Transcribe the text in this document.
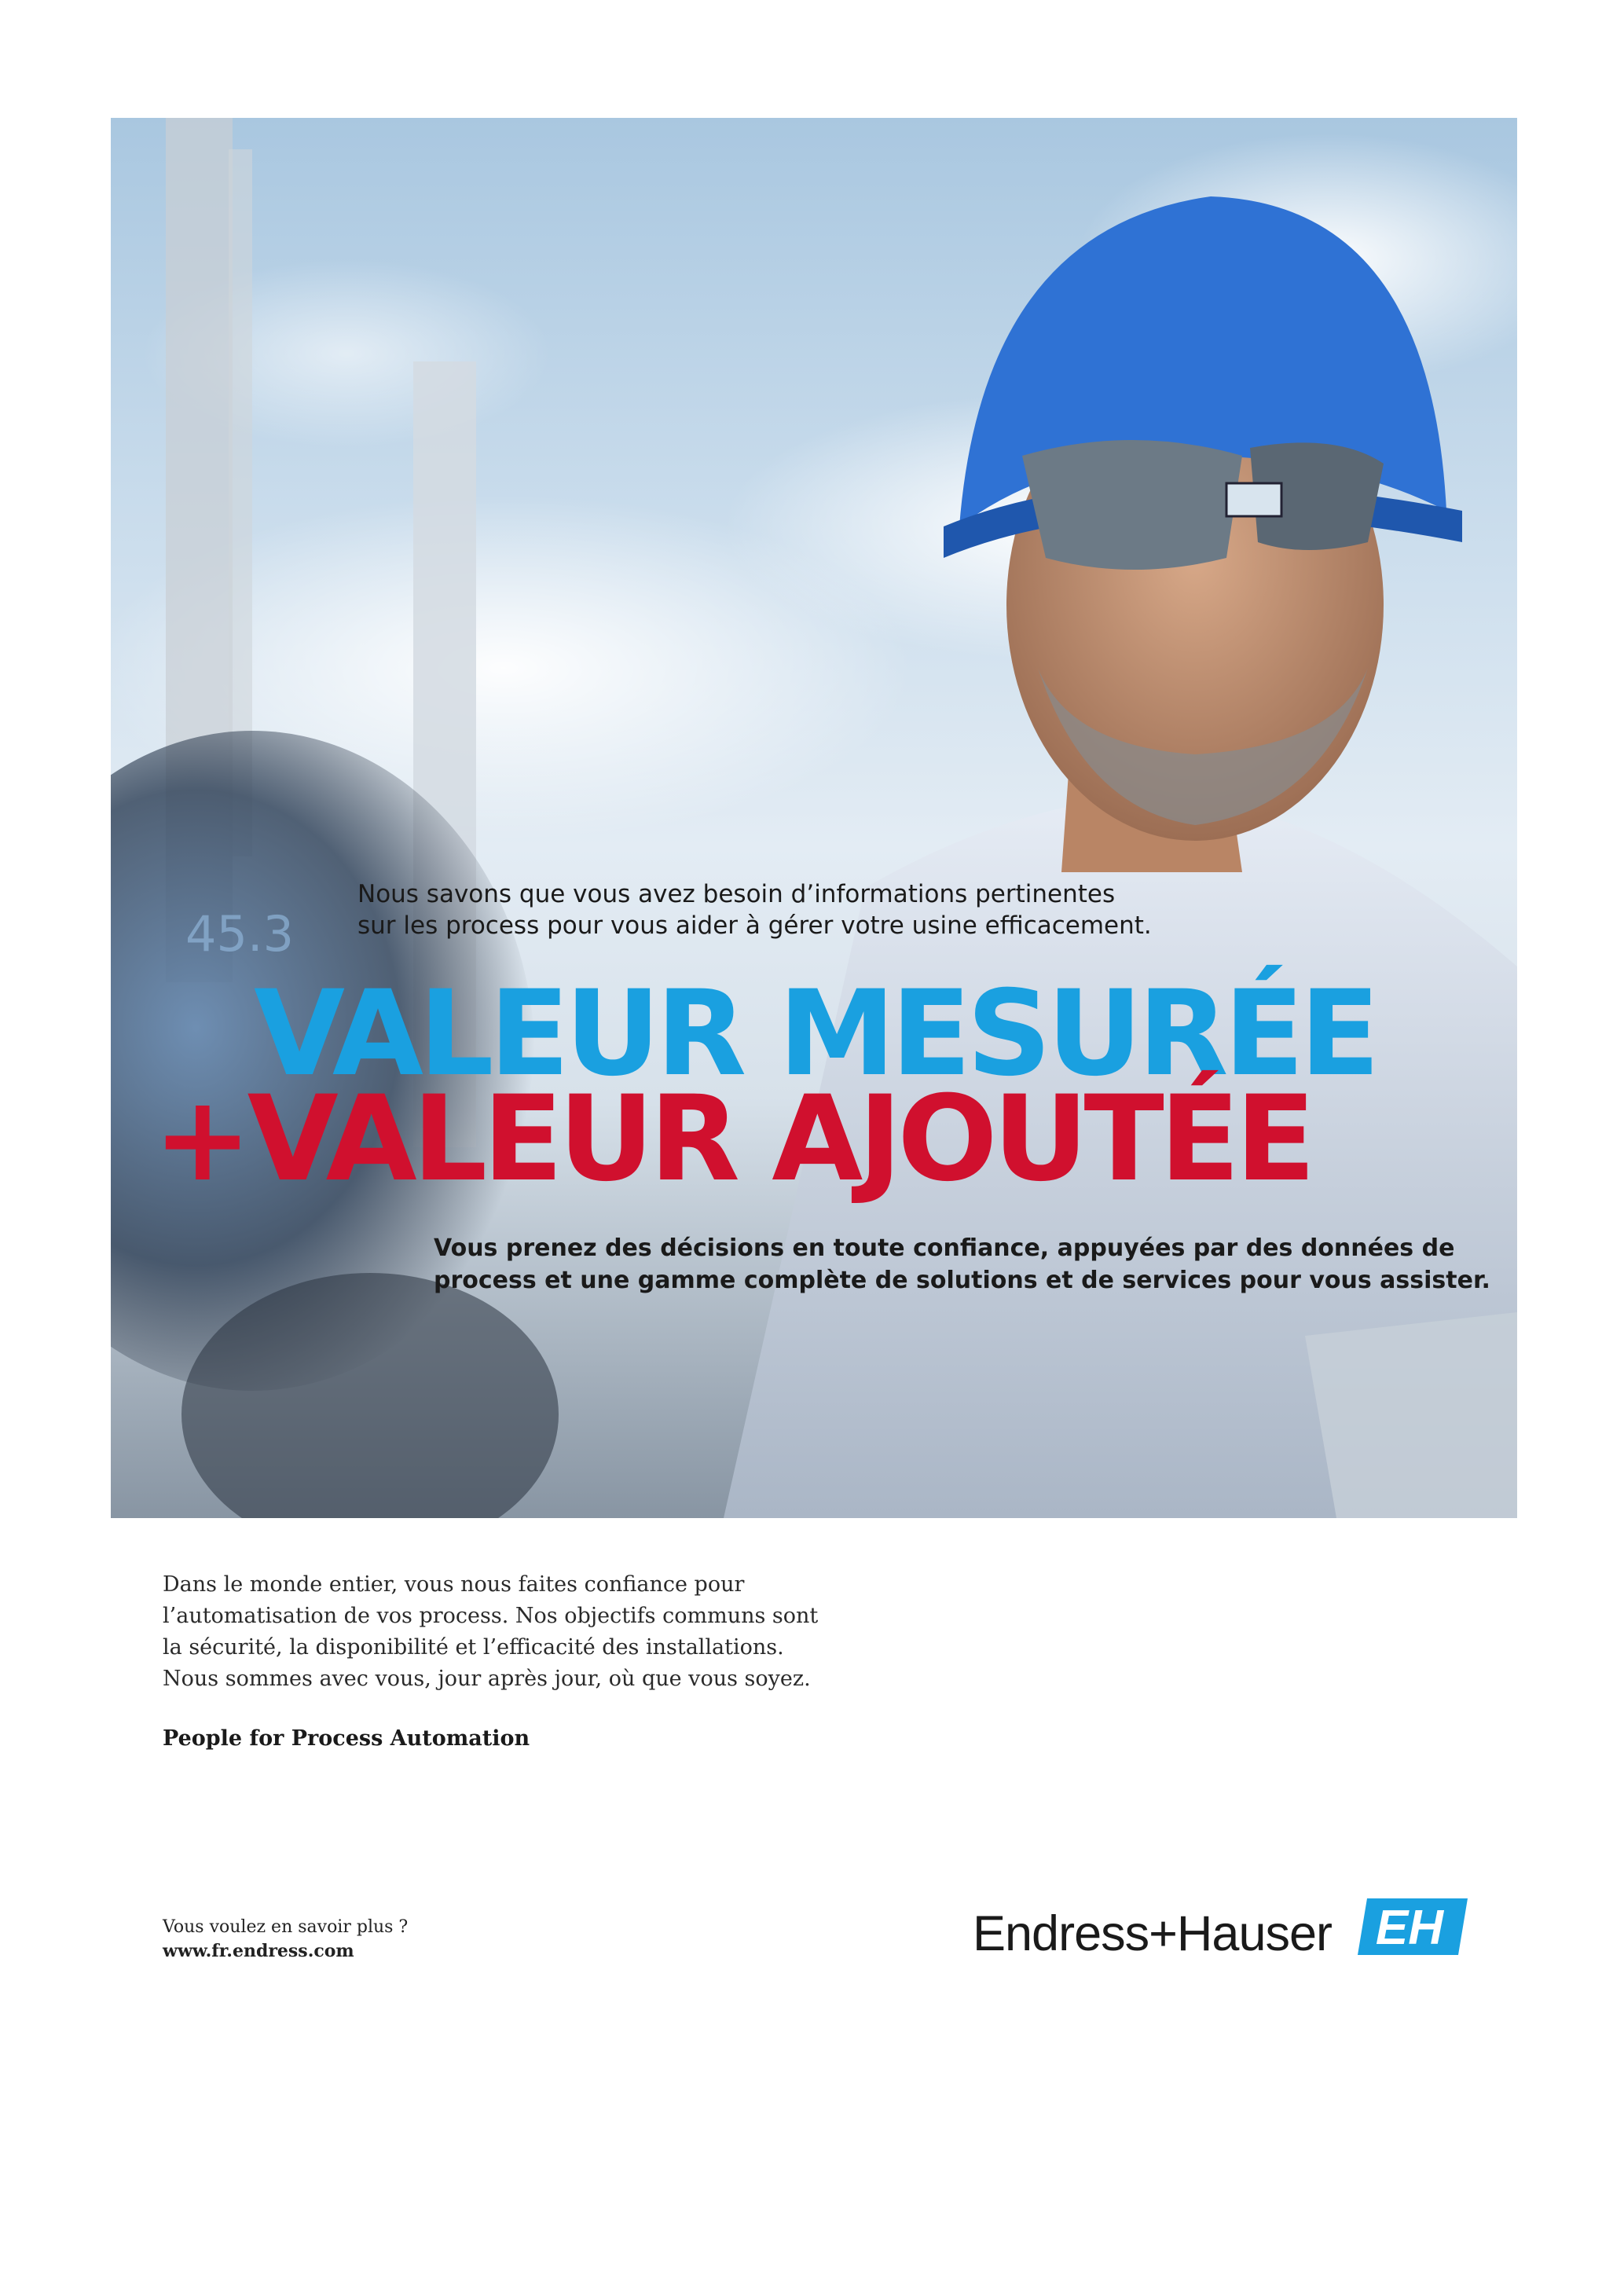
45.3
Nous savons que vous avez besoin d’informations pertinentes
sur les process pour vous aider à gérer votre usine efficacement.
VALEUR MESURÉE
+VALEUR AJOUTÉE
Vous prenez des décisions en toute confiance, appuyées par des données de
process et une gamme complète de solutions et de services pour vous assister.
Dans le monde entier, vous nous faites confiance pour
l’automatisation de vos process. Nos objectifs communs sont
la sécurité, la disponibilité et l’efficacité des installations.
Nous sommes avec vous, jour après jour, où que vous soyez.
People for Process Automation
Vous voulez en savoir plus ?
www.fr.endress.com	Endress+Hauser EH
